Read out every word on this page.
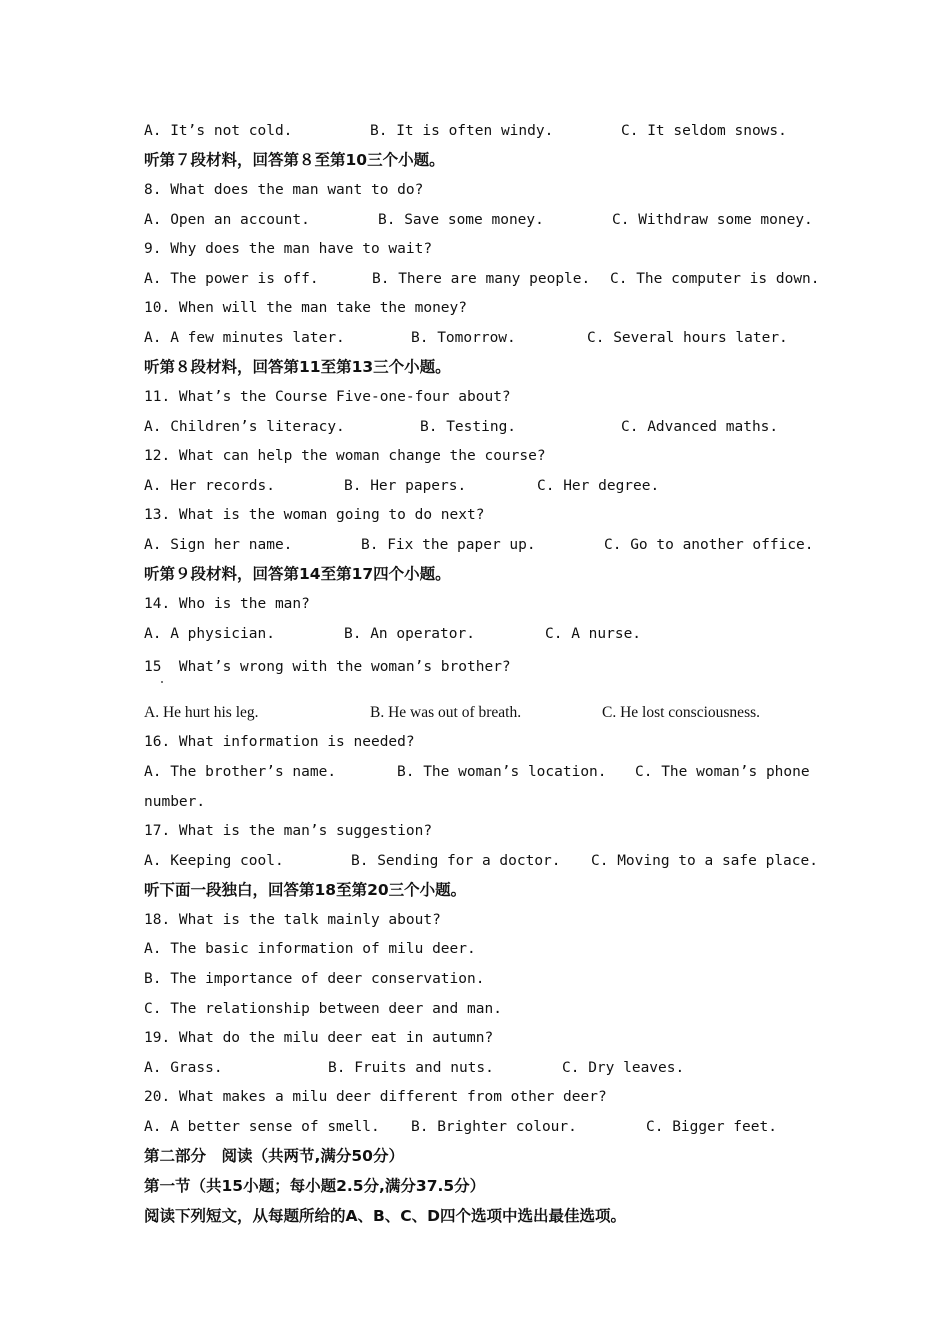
A. It’s not cold.	B. It is often windy.	C. It seldom snows.
听第７段材料，回答第８至第10三个小题。
8. What does the man want to do?
A. Open an account.	B. Save some money.	C. Withdraw some money.
9. Why does the man have to wait?
A. The power is off.	B. There are many people. C. The computer is down.
10. When will the man take the money?
A. A few minutes later.	B. Tomorrow.	C. Several hours later.
听第８段材料，回答第11至第13三个小题。
11. What’s the Course Five-one-four about?
A. Children’s literacy.	B. Testing.	C. Advanced maths.
12. What can help the woman change the course?
A. Her records.	B. Her papers.	C. Her degree.
13. What is the woman going to do next?
A. Sign her name.	B. Fix the paper up.	C. Go to another office.
听第９段材料，回答第14至第17四个小题。
14. Who is the man?
A. A physician.	B. An operator.	C. A nurse.
15  What’s wrong with the woman’s brother?
A. He hurt his leg.	B. He was out of breath.	C. He lost consciousness.
16. What information is needed?
A. The brother’s name.	B. The woman’s location. C. The woman’s phone
number.
17. What is the man’s suggestion?
A. Keeping cool.	B. Sending for a doctor. C. Moving to a safe place.
听下面一段独白，回答第18至第20三个小题。
18. What is the talk mainly about?
A. The basic information of milu deer.
B. The importance of deer conservation.
C. The relationship between deer and man.
19. What do the milu deer eat in autumn?
A. Grass.	B. Fruits and nuts.	C. Dry leaves.
20. What makes a milu deer different from other deer?
A. A better sense of smell. B. Brighter colour.	C. Bigger feet.
第二部分　阅读（共两节,满分50分）
第一节（共15小题；每小题2.5分,满分37.5分）
阅读下列短文，从每题所给的A、B、C、D四个选项中选出最佳选项。
